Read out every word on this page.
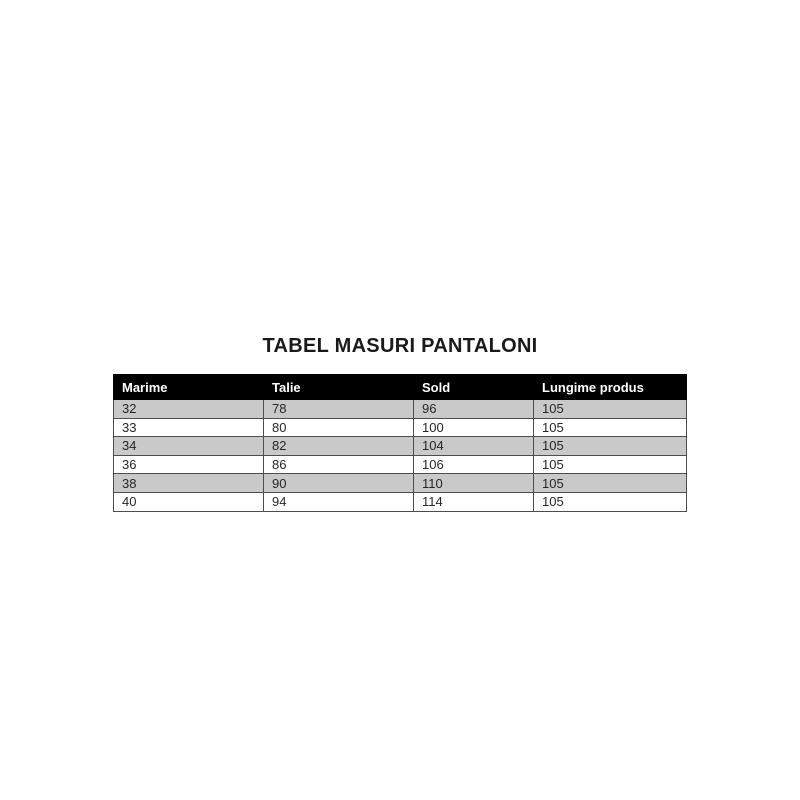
TABEL MASURI PANTALONI
Marime	Talie	Sold	Lungime produs
32	78	96	105
33	80	100	105
34	82	104	105
36	86	106	105
38	90	110	105
40	94	114	105
